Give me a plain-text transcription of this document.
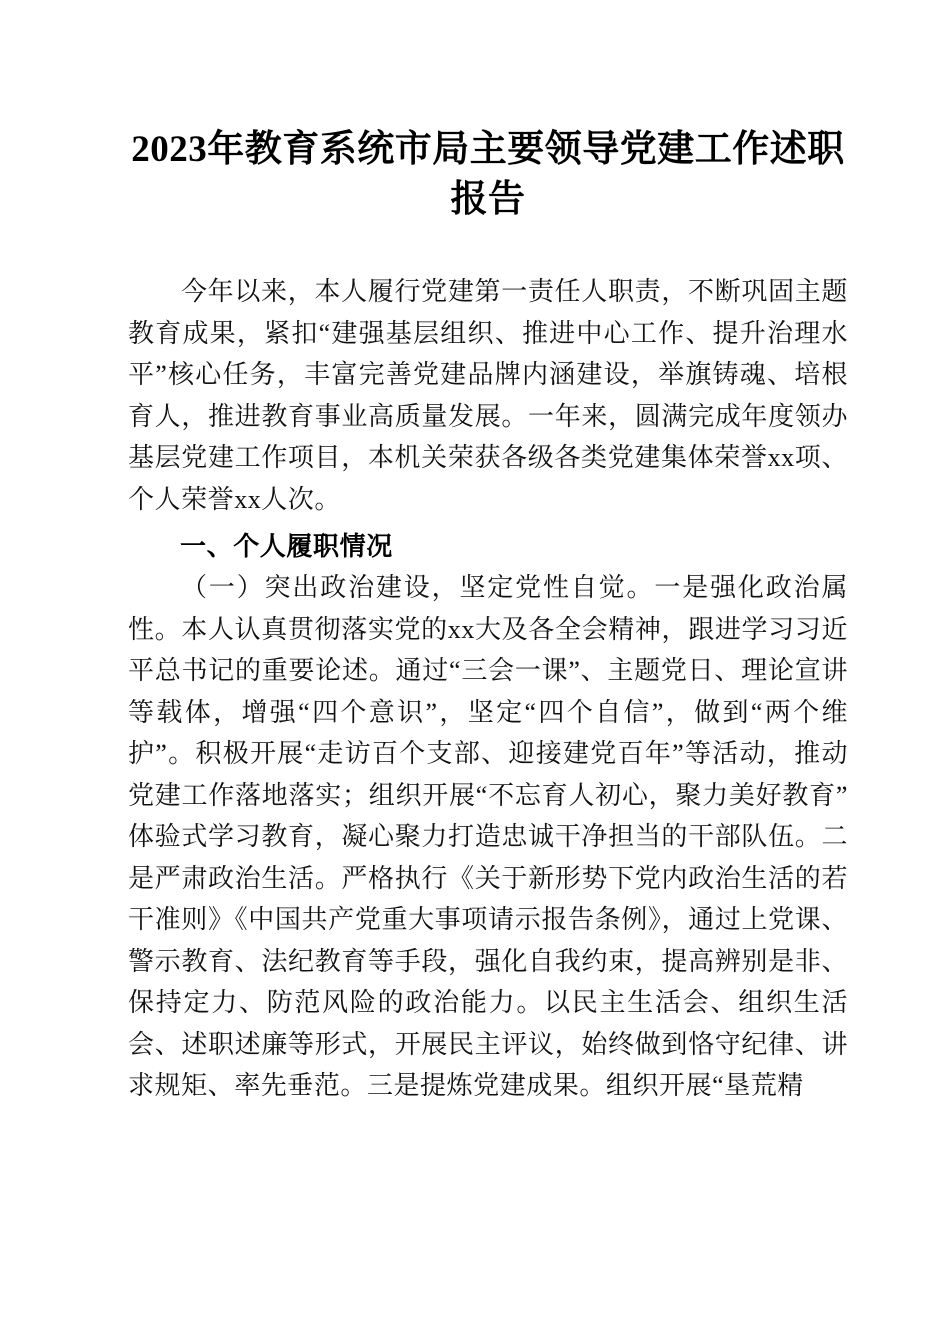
2023年教育系统市局主要领导党建工作述职报告

今年以来，本人履行党建第一责任人职责，不断巩固主题教育成果，紧扣“建强基层组织、推进中心工作、提升治理水平”核心任务，丰富完善党建品牌内涵建设，举旗铸魂、培根育人，推进教育事业高质量发展。一年来，圆满完成年度领办基层党建工作项目，本机关荣获各级各类党建集体荣誉xx项、个人荣誉xx人次。

一、个人履职情况

（一）突出政治建设，坚定党性自觉。一是强化政治属性。本人认真贯彻落实党的xx大及各全会精神，跟进学习习近平总书记的重要论述。通过“三会一课”、主题党日、理论宣讲等载体，增强“四个意识”，坚定“四个自信”，做到“两个维护”。积极开展“走访百个支部、迎接建党百年”等活动，推动党建工作落地落实；组织开展“不忘育人初心，聚力美好教育”体验式学习教育，凝心聚力打造忠诚干净担当的干部队伍。二是严肃政治生活。严格执行《关于新形势下党内政治生活的若干准则》《中国共产党重大事项请示报告条例》，通过上党课、警示教育、法纪教育等手段，强化自我约束，提高辨别是非、保持定力、防范风险的政治能力。以民主生活会、组织生活会、述职述廉等形式，开展民主评议，始终做到恪守纪律、讲求规矩、率先垂范。三是提炼党建成果。组织开展“垦荒精
